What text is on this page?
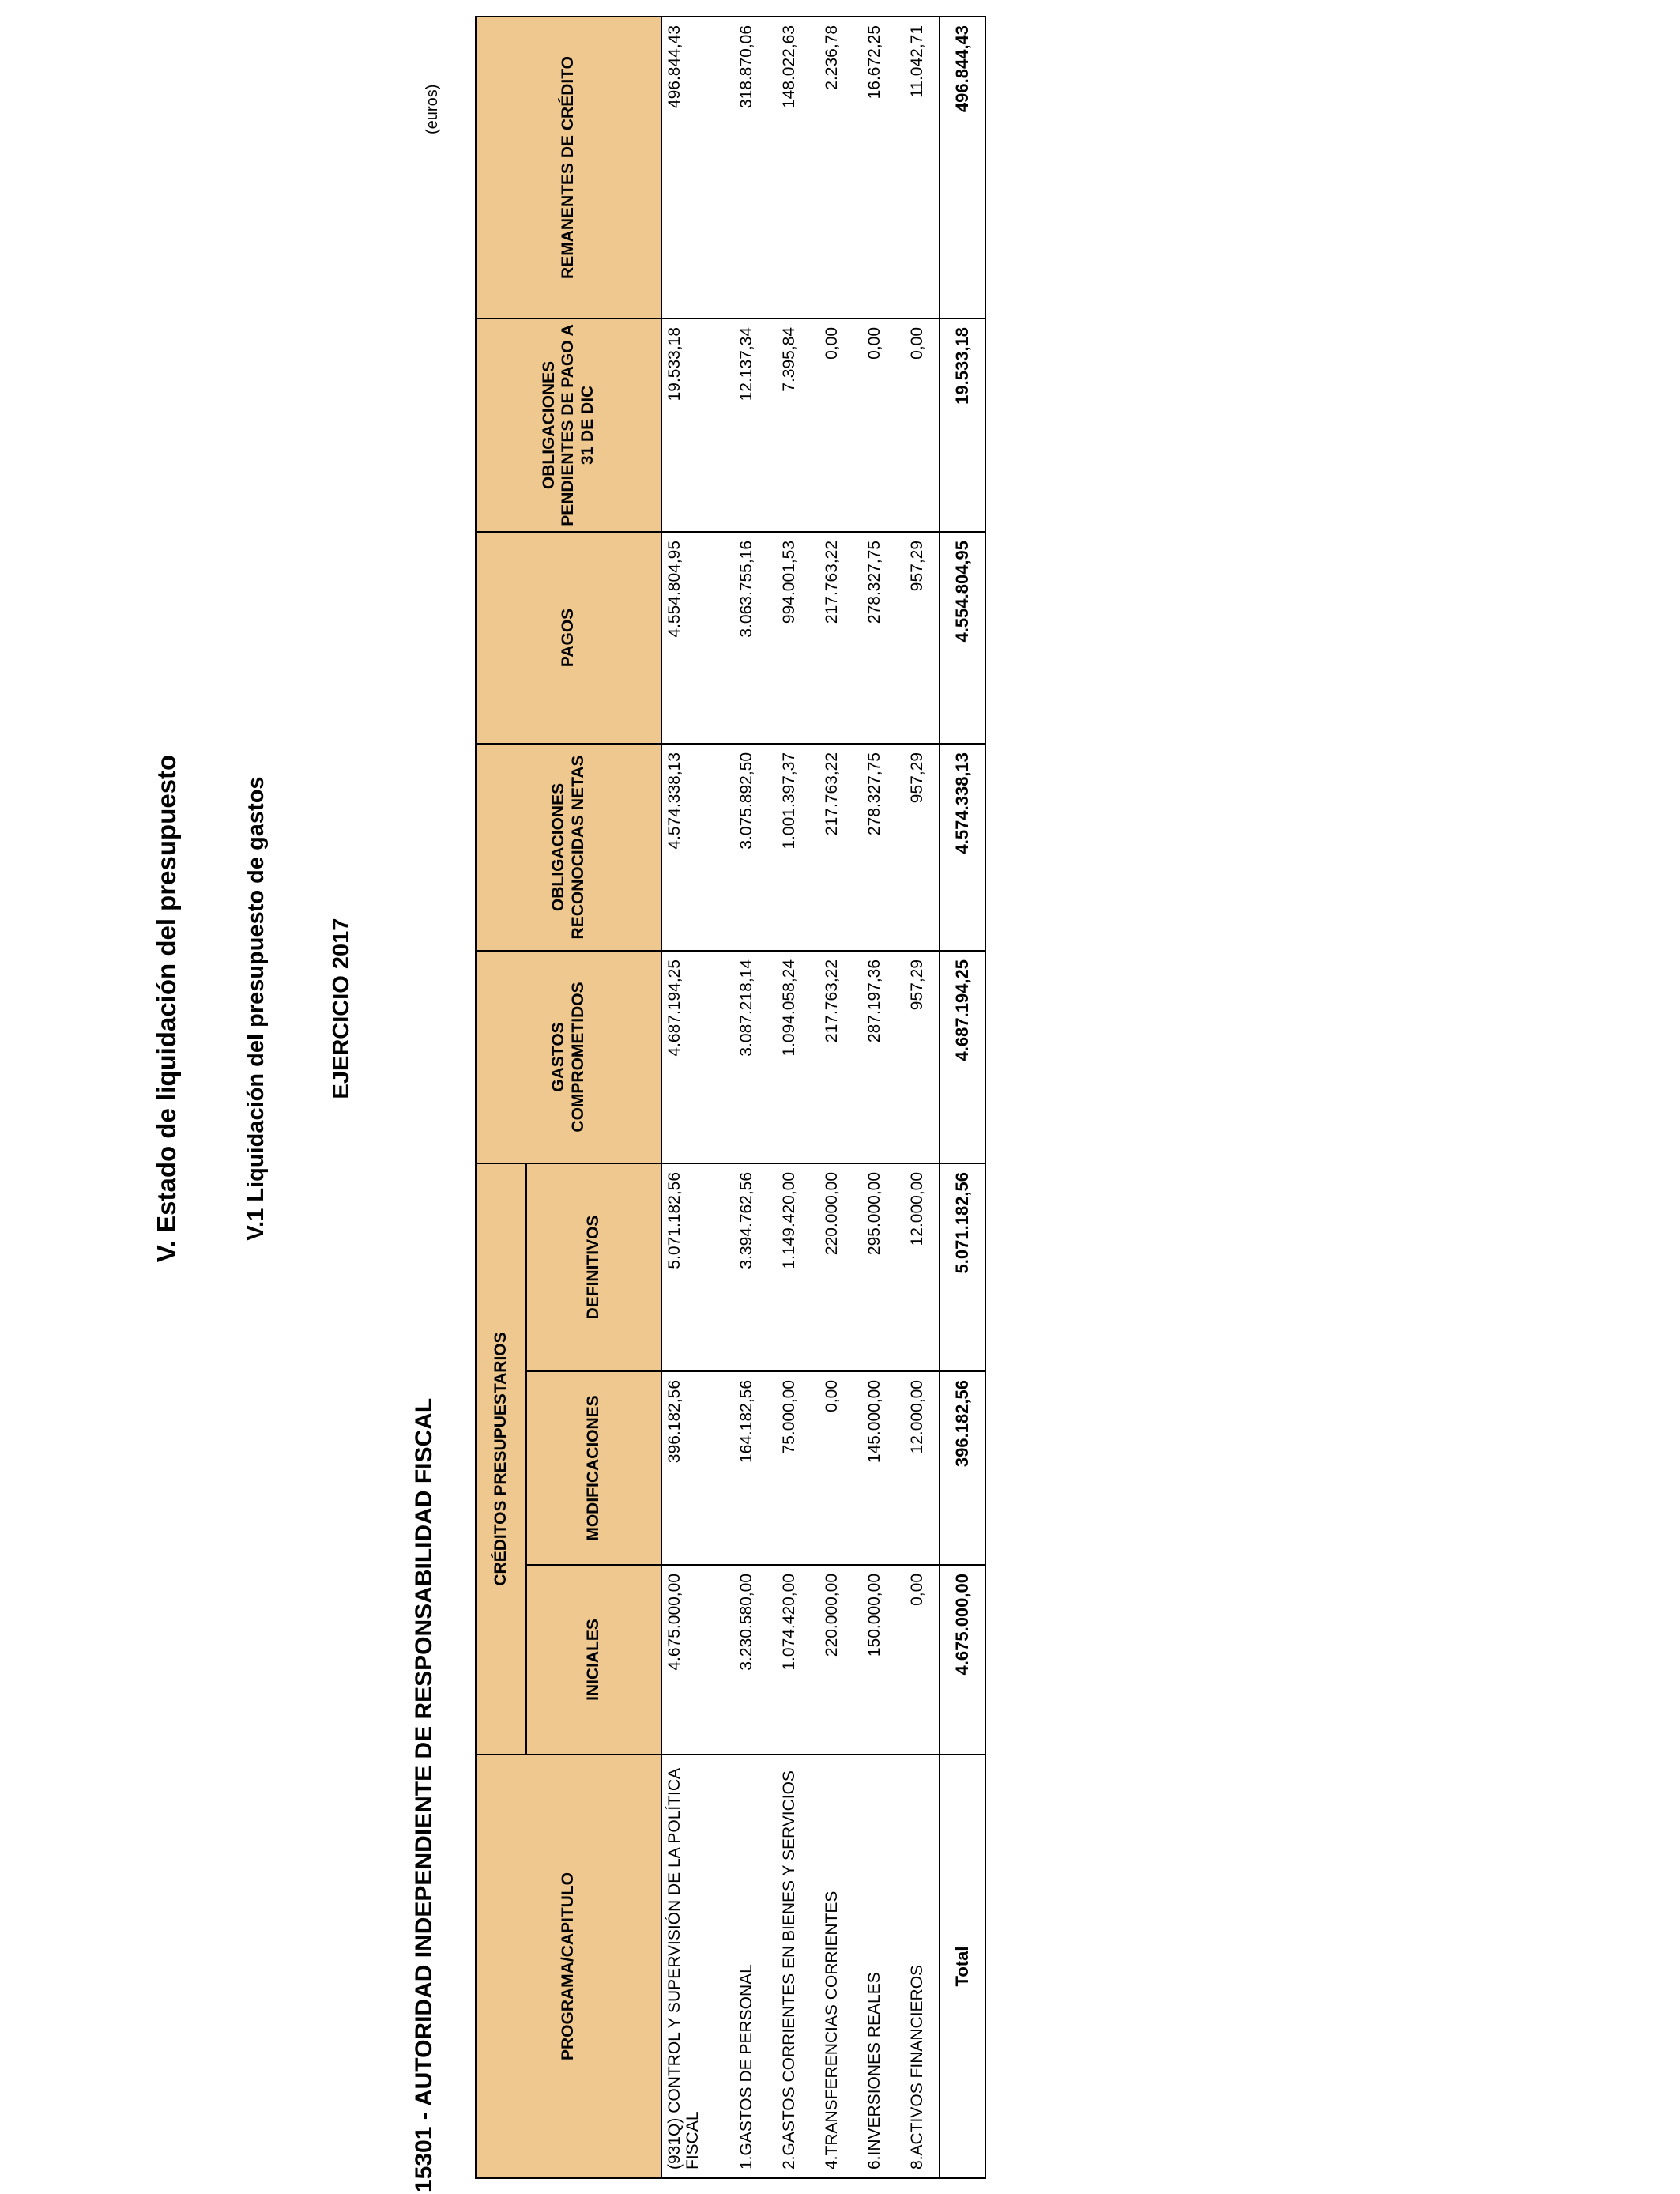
V. Estado de liquidación del presupuesto	V.1 Liquidación del presupuesto de gastos	EJERCICIO 2017
15301 - AUTORIDAD INDEPENDIENTE DE RESPONSABILIDAD FISCAL
(euros)
PROGRAMA/CAPITULO	CRÉDITOS PRESUPUESTARIOS			GASTOS COMPROMETIDOS	OBLIGACIONES RECONOCIDAS NETAS	PAGOS	OBLIGACIONES PENDIENTES DE PAGO A 31 DE DIC	REMANENTES DE CRÉDITO
	INICIALES	MODIFICACIONES	DEFINITIVOS					
(931Q) CONTROL Y SUPERVISIÓN DE LA POLÍTICA FISCAL	4.675.000,00	396.182,56	5.071.182,56	4.687.194,25	4.574.338,13	4.554.804,95	19.533,18	496.844,43
1.GASTOS DE PERSONAL	3.230.580,00	164.182,56	3.394.762,56	3.087.218,14	3.075.892,50	3.063.755,16	12.137,34	318.870,06
2.GASTOS CORRIENTES EN BIENES Y SERVICIOS	1.074.420,00	75.000,00	1.149.420,00	1.094.058,24	1.001.397,37	994.001,53	7.395,84	148.022,63
4.TRANSFERENCIAS CORRIENTES	220.000,00	0,00	220.000,00	217.763,22	217.763,22	217.763,22	0,00	2.236,78
6.INVERSIONES REALES	150.000,00	145.000,00	295.000,00	287.197,36	278.327,75	278.327,75	0,00	16.672,25
8.ACTIVOS FINANCIEROS	0,00	12.000,00	12.000,00	957,29	957,29	957,29	0,00	11.042,71
Total	4.675.000,00	396.182,56	5.071.182,56	4.687.194,25	4.574.338,13	4.554.804,95	19.533,18	496.844,43
